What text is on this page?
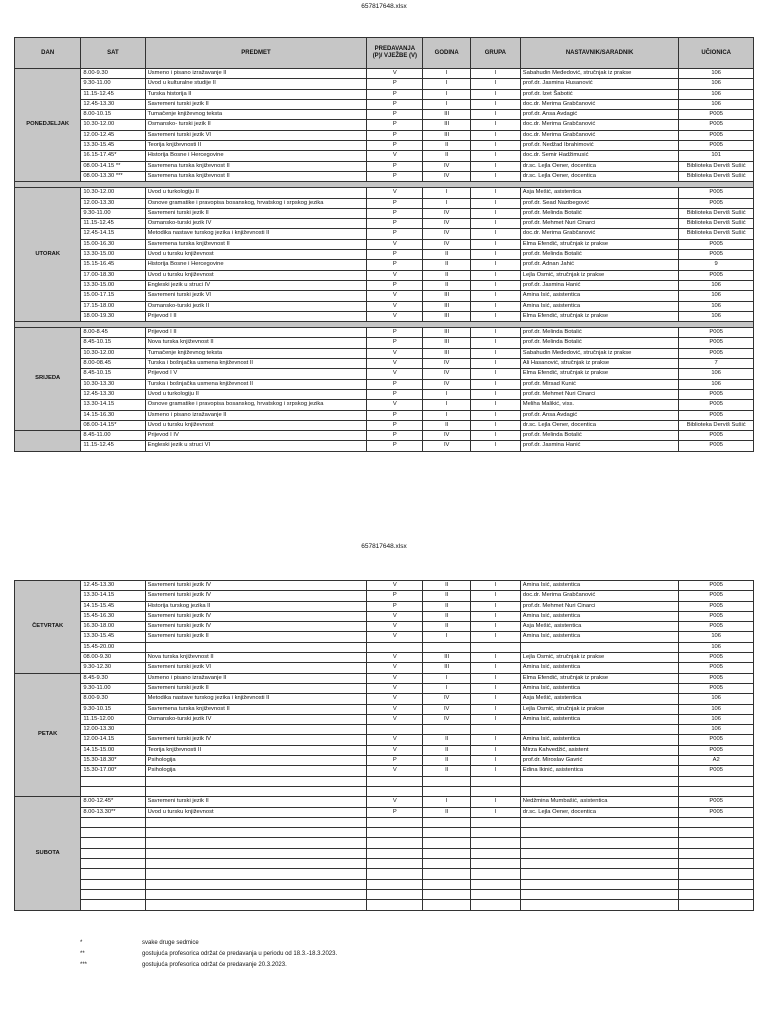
657817648.xlsx
DAN	SAT	PREDMET	PREDAVANJA (P)/ VJEŽBE (V)	GODINA	GRUPA	NASTAVNIK/SARADNIK	UČIONICA
PONEDJELJAK	8.00-9.30	Usmeno i pisano izražavanje II	V	I	I	Sabahudin Međedović, stručnjak iz prakse	106
	9.30-11.00	Uvod u kulturalne studije II	P	I	I	prof.dr. Jasmina Husanović	106
	11.15-12.45	Turska historija II	P	I	I	prof.dr. Izet Šabotić	106
	12.45-13.30	Savremeni turski jezik II	P	I	I	doc.dr. Merima Grabčanović	106
	8.00-10.15	Tumačenje književnog teksta	P	III	I	prof.dr. Ansa Avdagić	P005
	10.30-12.00	Osmansko- turski jezik II	P	III	I	doc.dr. Merima Grabčanović	P005
	12.00-12.45	Savremeni turski jezik VI	P	III	I	doc.dr. Merima Grabčanović	P005
	13.30-15.45	Teorija književnosti II	P	II	I	prof.dr. Nedžad Ibrahimović	P005
	16.15-17.45*	Historija Bosne i Hercegovine	V	II	I	doc.dr. Semir Hadžimusić	101
	08.00-14.15 **	Savremena turska književnost II	P	IV	I	dr.sc. Lejla Oener, docentica	Biblioteka Derviš Sušić
	08.00-13.30 ***	Savremena turska književnost II	P	IV	I	dr.sc. Lejla Oener, docentica	Biblioteka Derviš Sušić

UTORAK	10.30-12.00	Uvod u turkologiju II	V	I	I	Asja Mešić, asistentica	P005
	12.00-13.30	Osnove gramatike i pravopisa bosanskog, hrvatskog i srpskog jezika	P	I	I	prof.dr. Sead Nazibegović	P005
	9.30-11.00	Savremeni turski jezik II	P	IV	I	prof.dr. Melinda Botalić	Biblioteka Derviš Sušić
	11.15-12.45	Osmansko-turski jezik IV	P	IV	I	prof.dr. Mehmet Nuri Cinarci	Biblioteka Derviš Sušić
	12.45-14.15	Metodika nastave turskog jezika i književnosti II	P	IV	I	doc.dr. Merima Grabčanović	Biblioteka Derviš Sušić
	15.00-16.30	Savremena turska književnost II	V	IV	I	Elma Efendić, stručnjak iz prakse	P005
	13.30-15.00	Uvod u tursku književnost	P	II	I	prof.dr. Melinda Botalić	P005
	15.15-16.45	Historija Bosne i Hercegovine	P	II	I	prof.dr. Adnan Jahić	9
	17.00-18.30	Uvod u tursku književnost	V	II	I	Lejla Osmić, stručnjak iz prakse	P005
	13.30-15.00	Engleski jezik u struci IV	P	II	I	prof.dr. Jasmina Hanić	106
	15.00-17.15	Savremeni turski jezik VI	V	III	I	Amina Isić, asistentica	106
	17.15-18.00	Osmansko-turski jezik II	V	III	I	Amina Isić, asistentica	106
	18.00-19.30	Prijevod I II	V	III	I	Elma Efendić, stručnjak iz prakse	106

SRIJEDA	8.00-8.45	Prijevod I II	P	III	I	prof.dr. Melinda Botalić	P005
	8.45-10.15	Nova turska književnost II	P	III	I	prof.dr. Melinda Botalić	P005
	10.30-12.00	Tumačenje književnog teksta	V	III	I	Sabahudin Međedović, stručnjak iz prakse	P005
	8.00-08.45	Turska i bošnjačka usmena književnost II	V	IV	I	Ali Hasanović, stručnjak iz prakse	7
	8.45-10.15	Prijevod I V	V	IV	I	Elma Efendić, stručnjak iz prakse	106
	10.30-13.30	Turska i bošnjačka usmena književnost II	P	IV	I	prof.dr. Mirsad Kunić	106
	12.45-13.30	Uvod u turkologiju II	P	I	I	prof.dr. Mehmet Nuri Cinarci	P005
	13.30-14.15	Osnove gramatike i pravopisa bosanskog, hrvatskog i srpskog jezika	V	I	I	Meliha Malikić, viss.	P005
	14.15-16.30	Usmeno i pisano izražavanje II	P	I	I	prof.dr. Ansa Avdagić	P005
	08.00-14.15*	Uvod u tursku književnost	P	II	I	dr.sc. Lejla Oener, docentica	Biblioteka Derviš Sušić
	8.45-11.00	Prijevod I IV	P	IV	I	prof.dr. Melinda Botalić	P005
	11.15-12.45	Engleski jezik u struci VI	P	IV	I	prof.dr. Jasmina Hanić	P005
657817648.xlsx
ČETVRTAK	12.45-13.30	Savremeni turski jezik IV	V	II	I	Amina Isić, asistentica	P005
	13.30-14.15	Savremeni turski jezik IV	P	II	I	doc.dr. Merima Grabčanović	P005
	14.15-15.45	Historija turskog jezika II	P	II	I	prof.dr. Mehmet Nuri Cinarci	P005
	15.45-16.30	Savremeni turski jezik IV	V	II	I	Amina Isić, asistentica	P005
	16.30-18.00	Savremeni turski jezik IV	V	II	I	Asja Mešić, asistentica	P005
	13.30-15.45	Savremeni turski jezik II	V	I	I	Amina Isić, asistentica	106
	15.45-20.00						106
	08.00-9.30	Nova turska književnost II	V	III	I	Lejla Osmić, stručnjak iz prakse	P005
	9.30-12.30	Savremeni turski jezik VI	V	III	I	Amina Isić, asistentica	P005
PETAK	8.45-9.30	Usmeno i pisano izražavanje II	V	I	I	Elma Efendić, stručnjak iz prakse	P005
	9.30-11.00	Savremeni turski jezik II	V	I	I	Amina Isić, asistentica	P005
	8.00-9.30	Metodika nastave turskog jezika i književnosti II	V	IV	I	Asja Mešić, asistentica	106
	9.30-10.15	Savremena turska književnost II	V	IV	I	Lejla Osmić, stručnjak iz prakse	106
	11.15-12.00	Osmansko-turski jezik IV	V	IV	I	Amina Isić, asistentica	106
	12.00-13.30						106
	12.00-14.15	Savremeni turski jezik IV	V	II	I	Amina Isić, asistentica	P005
	14.15-15.00	Teorija književnosti II	V	II	I	Mirza Kahvedžić, asistent	P005
	15.30-18.30*	Psihologija	P	II	I	prof.dr. Miroslav Gavrić	A2
	15.30-17.00*	Psihologija	V	II	I	Edina Ikinić, asistentica	P005

SUBOTA	8.00-12.45*	Savremeni turski jezik II	V	I	I	Nedžmina Mumbašić, asistentica	P005
	8.00-13.30**	Uvod u tursku književnost	P	II	I	dr.sc. Lejla Oener, docentica	P005

*	svake druge sedmice
**	gostujuća profesorica održat će predavanja u periodu od 18.3.-18.3.2023.
***	gostujuća profesorica održat će predavanje 20.3.2023.
